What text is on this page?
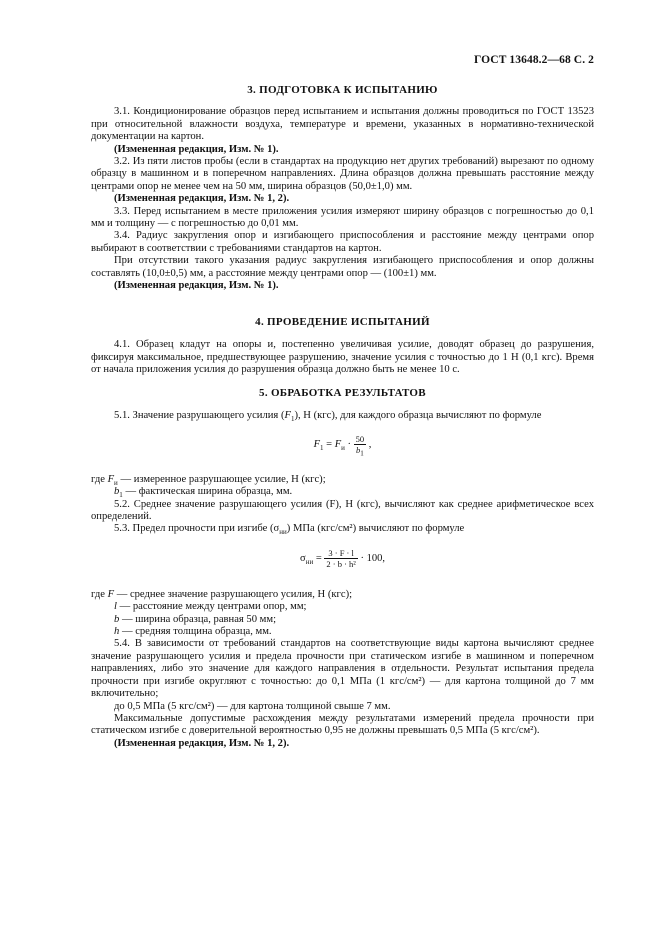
ГОСТ 13648.2—68 С. 2
3. ПОДГОТОВКА К ИСПЫТАНИЮ

3.1. Кондиционирование образцов перед испытанием и испытания должны проводиться по ГОСТ 13523 при относительной влажности воздуха, температуре и времени, указанных в нормативно-технической документации на картон.

(Измененная редакция, Изм. № 1).

3.2. Из пяти листов пробы (если в стандартах на продукцию нет других требований) вырезают по одному образцу в машинном и в поперечном направлениях. Длина образцов должна превышать расстояние между центрами опор не менее чем на 50 мм, ширина образцов (50,0±1,0) мм.

(Измененная редакция, Изм. № 1, 2).

3.3. Перед испытанием в месте приложения усилия измеряют ширину образцов с погрешностью до 0,1 мм и толщину — с погрешностью до 0,01 мм.

3.4. Радиус закругления опор и изгибающего приспособления и расстояние между центрами опор выбирают в соответствии с требованиями стандартов на картон.

При отсутствии такого указания радиус закругления изгибающего приспособления и опор должны составлять (10,0±0,5) мм, а расстояние между центрами опор — (100±1) мм.

(Измененная редакция, Изм. № 1).

4. ПРОВЕДЕНИЕ ИСПЫТАНИЙ

4.1. Образец кладут на опоры и, постепенно увеличивая усилие, доводят образец до разрушения, фиксируя максимальное, предшествующее разрушению, значение усилия с точностью до 1 Н (0,1 кгс). Время от начала приложения усилия до разрушения образца должно быть не менее 10 с.

5. ОБРАБОТКА РЕЗУЛЬТАТОВ

5.1. Значение разрушающего усилия $(F_1)$, Н (кгс), для каждого образца вычисляют по формуле

$F_1 = F_и \cdot \frac{50}{b_1}$ ,
где $F_и$ — измеренное разрушающее усилие, Н (кгс);
$b_1$ — фактическая ширина образца, мм.

5.2. Среднее значение разрушающего усилия (F), Н (кгс), вычисляют как среднее арифметическое всех определений.

5.3. Предел прочности при изгибе $(\sigma_{ни})$ МПа (кгс/см²) вычисляют по формуле

$\sigma_{ни} = \frac{3 \cdot F \cdot l}{\text{2 · b · h²}} \cdot 100$,
где F — среднее значение разрушающего усилия, Н (кгс);
l — расстояние между центрами опор, мм;
b — ширина образца, равная 50 мм;
h — средняя толщина образца, мм.

5.4. В зависимости от требований стандартов на соответствующие виды картона вычисляют среднее значение разрушающего усилия и предела прочности при статическом изгибе в машинном и поперечном направлениях, либо это значение для каждого направления в отдельности. Результат испытания предела прочности при изгибе округляют с точностью: до 0,1 МПа (1 кгс/см²) — для картона толщиной до 7 мм включительно;

до 0,5 МПа (5 кгс/см²) — для картона толщиной свыше 7 мм.

Максимальные допустимые расхождения между результатами измерений предела прочности при статическом изгибе с доверительной вероятностью 0,95 не должны превышать 0,5 МПа (5 кгс/см²).

(Измененная редакция, Изм. № 1, 2).
